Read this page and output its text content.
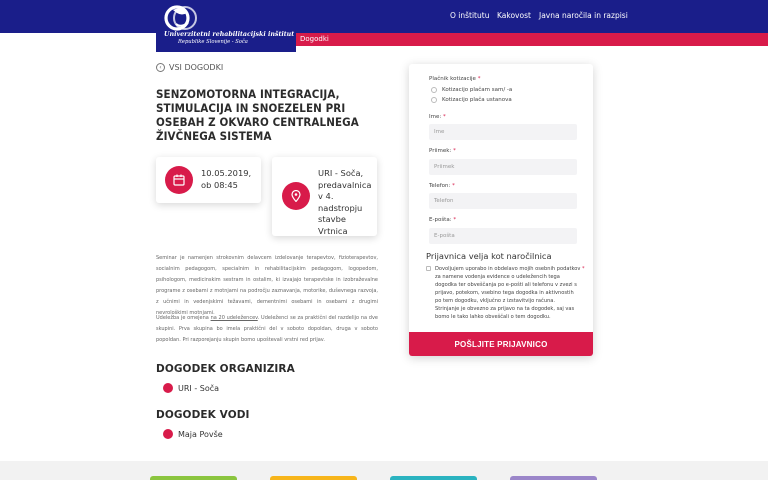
Univerzitetni rehabilitacijski inštitut
Republike Slovenije - Soča
O inštitutu Kakovost Javna naročila in razpisi
Dogodki
‹ VSI DOGODKI
SENZOMOTORNA INTEGRACIJA, STIMULACIJA IN SNOEZELEN PRI OSEBAH Z OKVARO CENTRALNEGA ŽIVČNEGA SISTEMA
10.05.2019,
ob 08:45
URI - Soča,
predavalnica
v 4.
nadstropju
stavbe Vrtnica

Seminar je namenjen strokovnim delavcem izdelovanje terapevtov, fizioterapevtov, socialnim pedagogom, specialnim in rehabilitacijskim pedagogom, logopedom, psihologom, medicinskim sestram in ostalim, ki izvajajo terapevtske in izobraževalne programe z osebami z motnjami na področju zaznavanja, motorike, duševnega razvoja, z učnimi in vedenjskimi težavami, dementnimi osebami in osebami z drugimi nevrološkimi motnjami.

Udeležba je omejena na 20 udeležencev. Udeleženci se za praktični del razdelijo na dve skupini. Prva skupina bo imela praktični del v soboto dopoldan, druga v soboto popoldan. Pri razporejanju skupin bomo upoštevali vrstni red prijav.

DOGODEK ORGANIZIRA
URI - Soča
DOGODEK VODI
Maja Povše
Plačnik kotizacije *
Kotizacijo plačam sam/ -a
Kotizacijo plača ustanova
Ime: *
Ime
Priimek: *
Priimek
Telefon: *
Telefon
E-pošta: *
E-pošta
Prijavnica velja kot naročilnica
Dovoljujem uporabo in obdelavo mojih osebnih podatkov *
za namene vodenja evidence o udeležencih tega
dogodka ter obveščanja po e-pošti ali telefonu v zvezi s
prijavo, potekom, vsebino tega dogodka in aktivnostih
po tem dogodku, vključno z izstavitvijo računa.
Strinjanje je obvezno za prijavo na ta dogodek, saj vas
bomo le tako lahko obveščali o tem dogodku.
POŠLJITE PRIJAVNICO
